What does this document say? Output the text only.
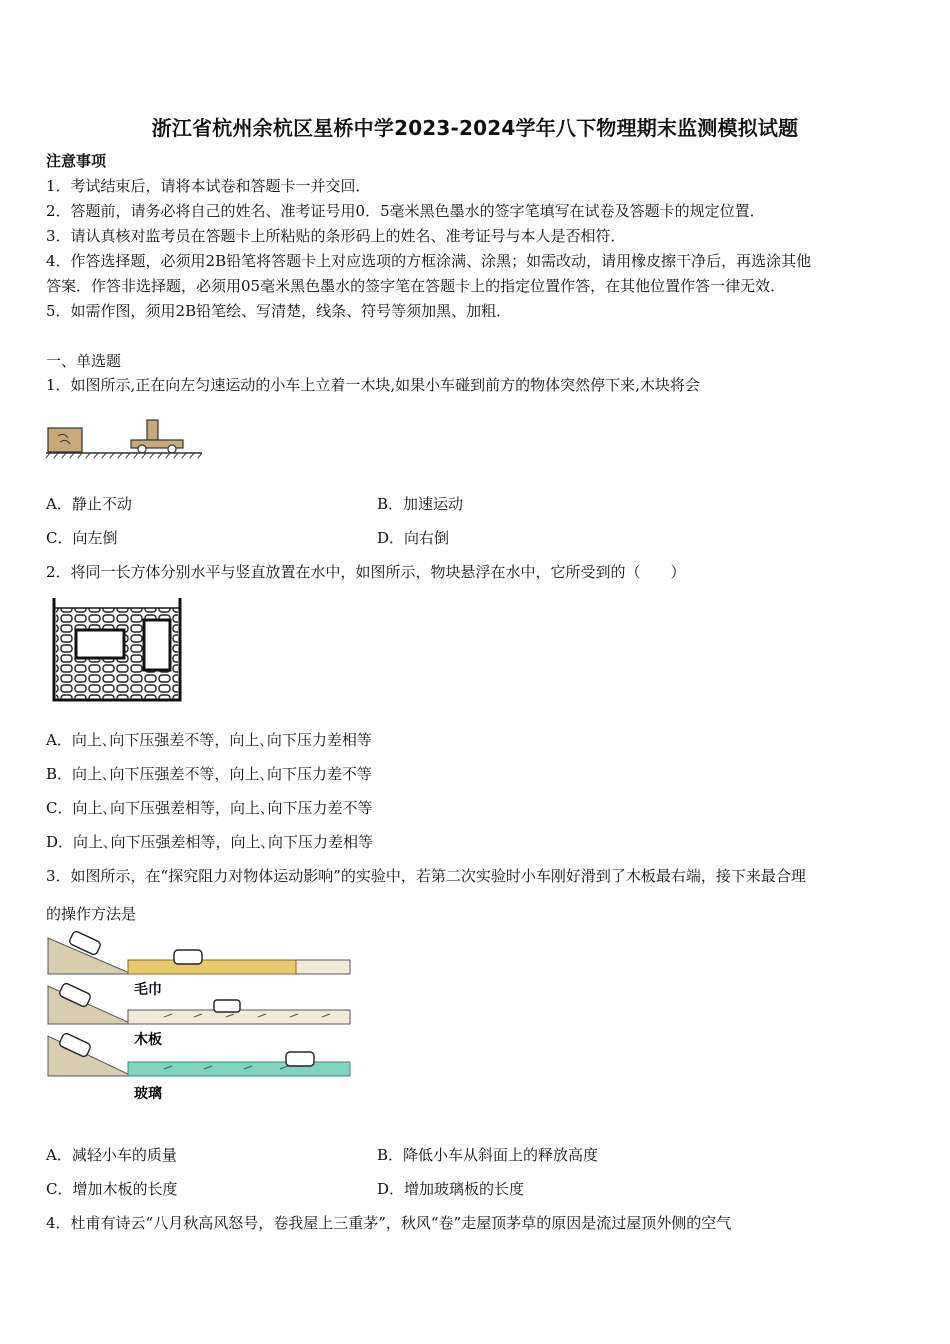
浙江省杭州余杭区星桥中学2023-2024学年八下物理期末监测模拟试题
注意事项
1．考试结束后，请将本试卷和答题卡一并交回．
2．答题前，请务必将自己的姓名、准考证号用0．5毫米黑色墨水的签字笔填写在试卷及答题卡的规定位置．
3．请认真核对监考员在答题卡上所粘贴的条形码上的姓名、准考证号与本人是否相符．
4．作答选择题，必须用2B铅笔将答题卡上对应选项的方框涂满、涂黑；如需改动，请用橡皮擦干净后，再选涂其他
答案．作答非选择题，必须用05毫米黑色墨水的签字笔在答题卡上的指定位置作答，在其他位置作答一律无效．
5．如需作图，须用2B铅笔绘、写清楚，线条、符号等须加黑、加粗．
一、单选题
1．如图所示,正在向左匀速运动的小车上立着一木块,如果小车碰到前方的物体突然停下来,木块将会
A．静止不动	B．加速运动
C．向左倒	D．向右倒
2．将同一长方体分别水平与竖直放置在水中，如图所示，物块悬浮在水中，它所受到的（　　）
A．向上､向下压强差不等，向上､向下压力差相等
B．向上､向下压强差不等，向上､向下压力差不等
C．向上､向下压强差相等，向上､向下压力差不等
D．向上､向下压强差相等，向上､向下压力差相等
3．如图所示，在“探究阻力对物体运动影响”的实验中，若第二次实验时小车刚好滑到了木板最右端，接下来最合理
的操作方法是
毛巾
木板
玻璃
A．减轻小车的质量	B．降低小车从斜面上的释放高度
C．增加木板的长度	D．增加玻璃板的长度
4．杜甫有诗云“八月秋高风怒号，卷我屋上三重茅”，秋风“卷”走屋顶茅草的原因是流过屋顶外侧的空气
